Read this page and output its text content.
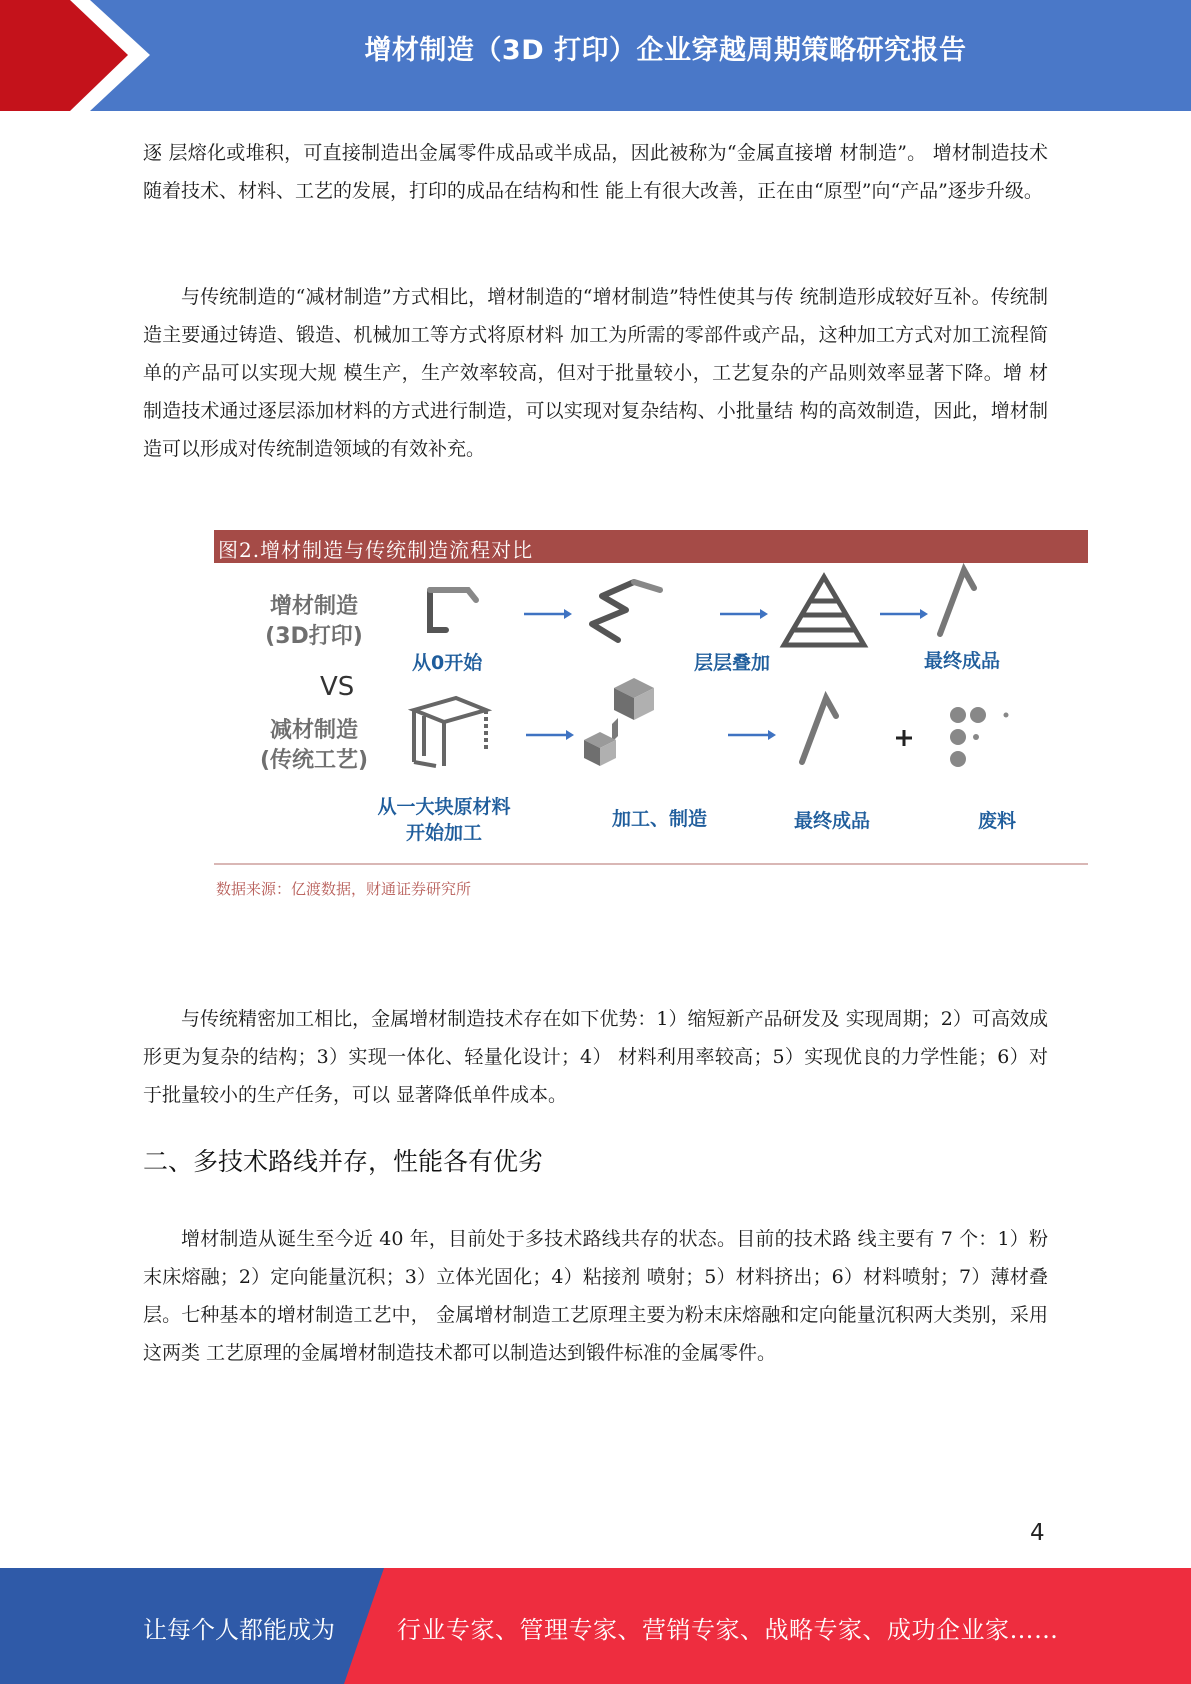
增材制造（3D 打印）企业穿越周期策略研究报告

逐 层熔化或堆积，可直接制造出金属零件成品或半成品，因此被称为“金属直接增 材制造”。 增材制造技术随着技术、材料、工艺的发展，打印的成品在结构和性 能上有很大改善，正在由“原型”向“产品”逐步升级。

与传统制造的“减材制造”方式相比，增材制造的“增材制造”特性使其与传 统制造形成较好互补。传统制造主要通过铸造、锻造、机械加工等方式将原材料 加工为所需的零部件或产品，这种加工方式对加工流程简单的产品可以实现大规 模生产，生产效率较高，但对于批量较小，工艺复杂的产品则效率显著下降。增 材制造技术通过逐层添加材料的方式进行制造，可以实现对复杂结构、小批量结 构的高效制造，因此，增材制造可以形成对传统制造领域的有效补充。

图2.增材制造与传统制造流程对比
增材制造
(3D打印)
从0开始	层层叠加	最终成品
VS
减材制造
(传统工艺)
从一大块原材料
开始加工
加工、制造	最终成品	废料
数据来源：亿渡数据，财通证券研究所

与传统精密加工相比，金属增材制造技术存在如下优势：1）缩短新产品研发及 实现周期；2）可高效成形更为复杂的结构；3）实现一体化、轻量化设计；4） 材料利用率较高；5）实现优良的力学性能；6）对于批量较小的生产任务，可以 显著降低单件成本。

二、多技术路线并存，性能各有优劣

增材制造从诞生至今近 40 年，目前处于多技术路线共存的状态。目前的技术路 线主要有 7 个：1）粉末床熔融；2）定向能量沉积；3）立体光固化；4）粘接剂 喷射；5）材料挤出；6）材料喷射；7）薄材叠层。七种基本的增材制造工艺中， 金属增材制造工艺原理主要为粉末床熔融和定向能量沉积两大类别，采用这两类 工艺原理的金属增材制造技术都可以制造达到锻件标准的金属零件。

4
让每个人都能成为	行业专家、管理专家、营销专家、战略专家、成功企业家……
